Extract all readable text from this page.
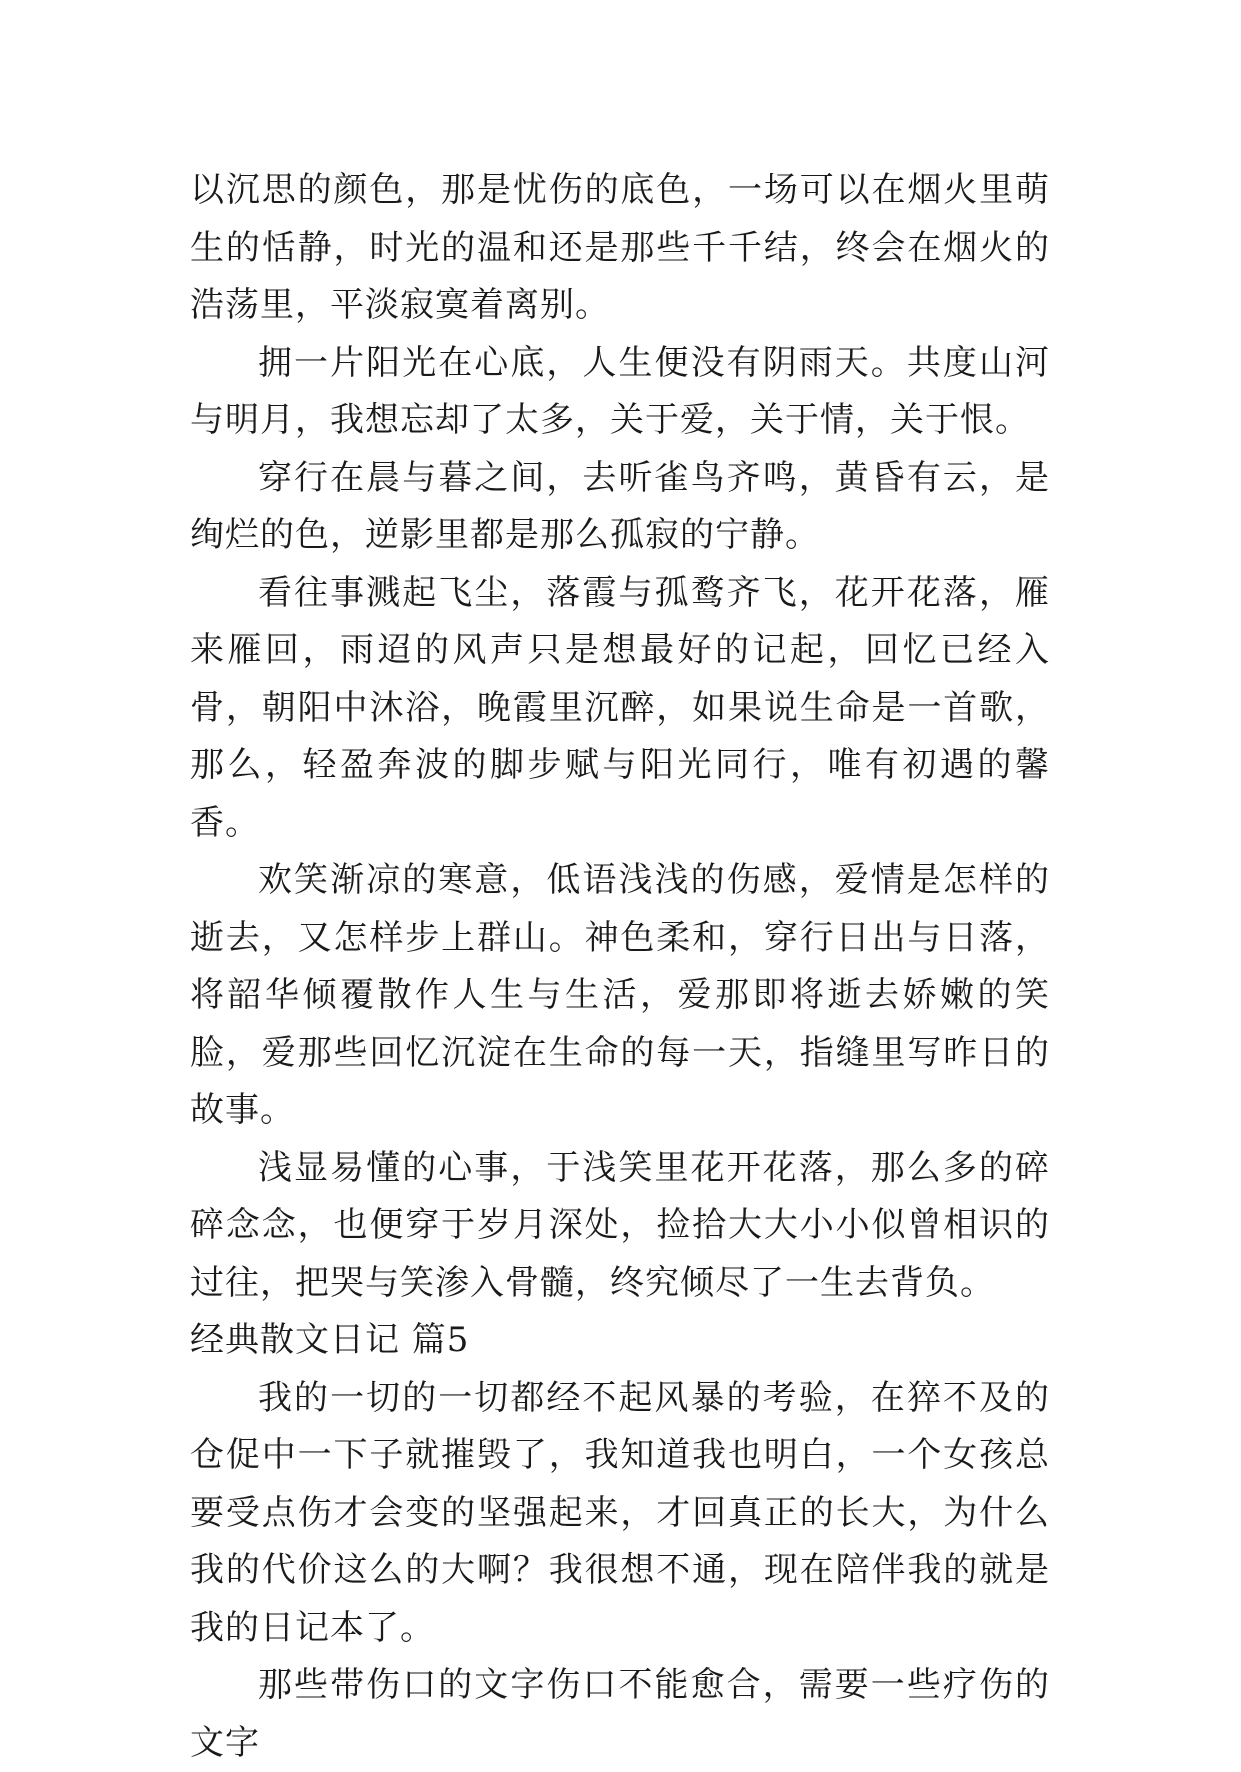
以沉思的颜色，那是忧伤的底色，一场可以在烟火里萌生的恬静，时光的温和还是那些千千结，终会在烟火的浩荡里，平淡寂寞着离别。

拥一片阳光在心底，人生便没有阴雨天。共度山河与明月，我想忘却了太多，关于爱，关于情，关于恨。

穿行在晨与暮之间，去听雀鸟齐鸣，黄昏有云，是绚烂的色，逆影里都是那么孤寂的宁静。

看往事溅起飞尘，落霞与孤鹜齐飞，花开花落，雁来雁回，雨迢的风声只是想最好的记起，回忆已经入骨，朝阳中沐浴，晚霞里沉醉，如果说生命是一首歌，那么，轻盈奔波的脚步赋与阳光同行，唯有初遇的馨香。

欢笑渐凉的寒意，低语浅浅的伤感，爱情是怎样的逝去，又怎样步上群山。神色柔和，穿行日出与日落，将韶华倾覆散作人生与生活，爱那即将逝去娇嫩的笑脸，爱那些回忆沉淀在生命的每一天，指缝里写昨日的故事。

浅显易懂的心事，于浅笑里花开花落，那么多的碎碎念念，也便穿于岁月深处，捡拾大大小小似曾相识的过往，把哭与笑渗入骨髓，终究倾尽了一生去背负。

经典散文日记 篇5

我的一切的一切都经不起风暴的考验，在猝不及的仓促中一下子就摧毁了，我知道我也明白，一个女孩总要受点伤才会变的坚强起来，才回真正的长大，为什么我的代价这么的大啊？我很想不通，现在陪伴我的就是我的日记本了。

那些带伤口的文字伤口不能愈合，需要一些疗伤的文字
